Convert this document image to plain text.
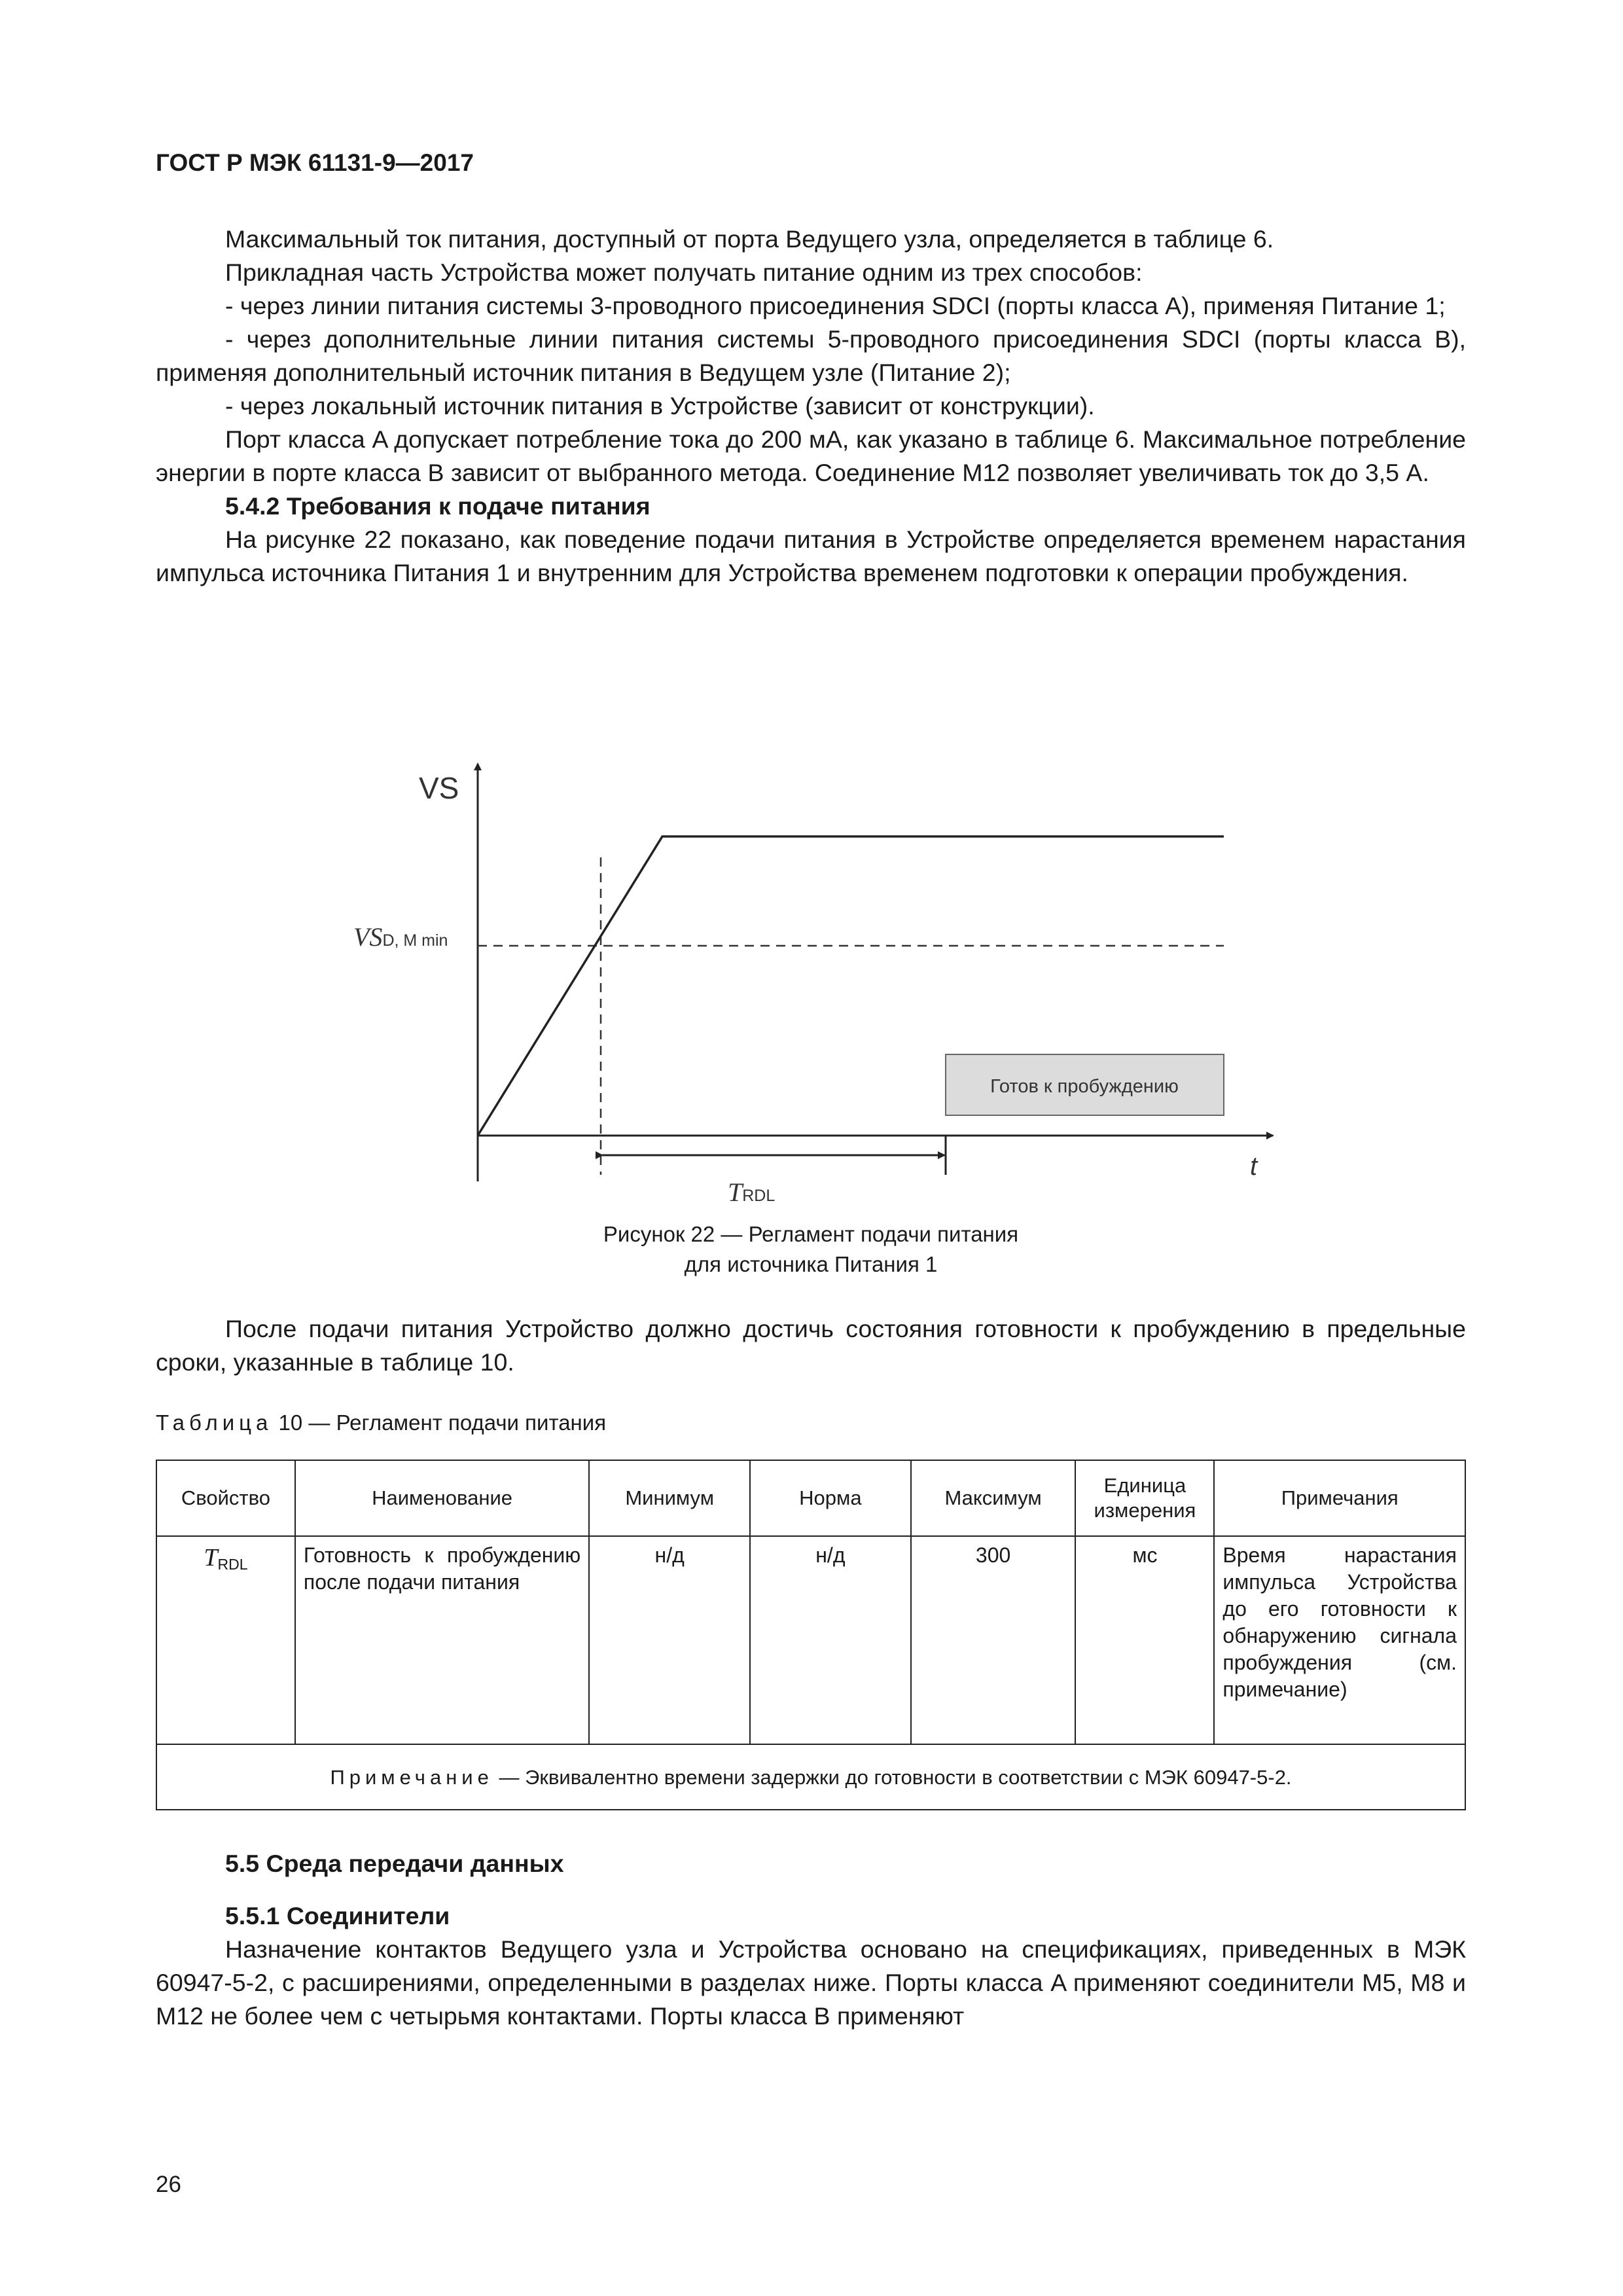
ГОСТ Р МЭК 61131-9—2017

Максимальный ток питания, доступный от порта Ведущего узла, определяется в таблице 6.

Прикладная часть Устройства может получать питание одним из трех способов:

- через линии питания системы 3-проводного присоединения SDCI (порты класса A), применяя Питание 1;

- через дополнительные линии питания системы 5-проводного присоединения SDCI (порты класса B), применяя дополнительный источник питания в Ведущем узле (Питание 2);

- через локальный источник питания в Устройстве (зависит от конструкции).

Порт класса A допускает потребление тока до 200 мА, как указано в таблице 6. Максимальное потребление энергии в порте класса B зависит от выбранного метода. Соединение M12 позволяет увеличивать ток до 3,5 А.

5.4.2 Требования к подаче питания

На рисунке 22 показано, как поведение подачи питания в Устройстве определяется временем нарастания импульса источника Питания 1 и внутренним для Устройства временем подготовки к операции пробуждения.

VS
t
VSD, M min
Готов к пробуждению
TRDL
Рисунок 22 — Регламент подачи питания
для источника Питания 1

После подачи питания Устройство должно достичь состояния готовности к пробуждению в предельные сроки, указанные в таблице 10.

Таблица 10 — Регламент подачи питания
Свойство	Наименование	Минимум	Норма	Максимум	Единица измерения	Примечания
$T_{RDL}$	Готовность к пробуждению после подачи питания	н/д	н/д	300	мс	Время нарастания импульса Устройства до его готовности к обнаружению сигнала пробуждения (см. примечание)
Примечание — Эквивалентно времени задержки до готовности в соответствии с МЭК 60947-5-2.						
5.5 Среда передачи данных
5.5.1 Соединители

Назначение контактов Ведущего узла и Устройства основано на спецификациях, приведенных в МЭК 60947-5-2, с расширениями, определенными в разделах ниже. Порты класса A применяют соединители M5, M8 и M12 не более чем с четырьмя контактами. Порты класса B применяют

26
